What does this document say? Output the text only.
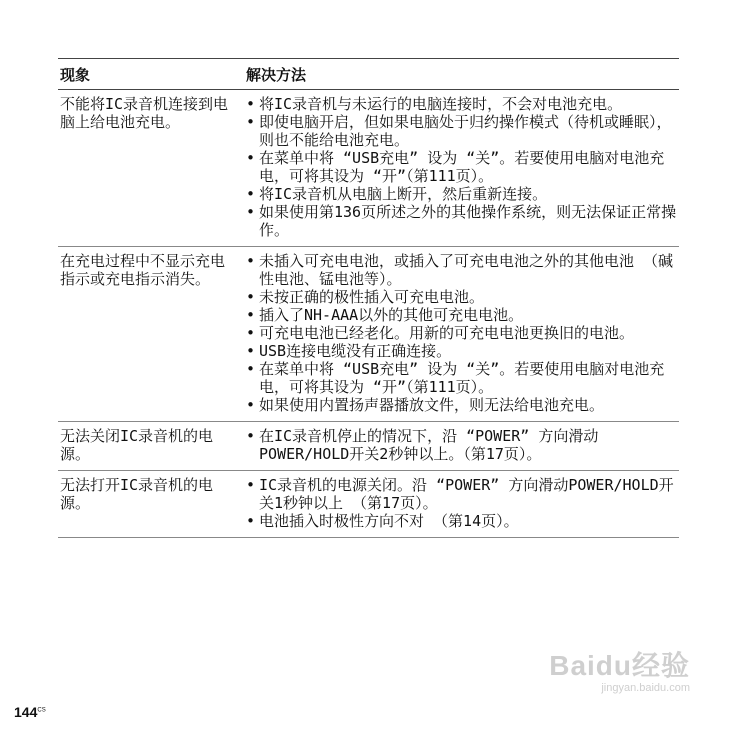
现象	解决方法
不能将IC录音机连接到电脑上给电池充电。
• 将IC录音机与未运行的电脑连接时，不会对电池充电。
• 即使电脑开启，但如果电脑处于归约操作模式（待机或睡眠），则也不能给电池充电。
• 在菜单中将 “USB充电” 设为 “关”。若要使用电脑对电池充电，可将其设为 “开”（第111页）。
• 将IC录音机从电脑上断开，然后重新连接。
• 如果使用第136页所述之外的其他操作系统，则无法保证正常操作。
在充电过程中不显示充电指示或充电指示消失。
• 未插入可充电电池，或插入了可充电电池之外的其他电池 （碱性电池、锰电池等）。
• 未按正确的极性插入可充电电池。
• 插入了NH-AAA以外的其他可充电电池。
• 可充电电池已经老化。用新的可充电电池更换旧的电池。
• USB连接电缆没有正确连接。
• 在菜单中将 “USB充电” 设为 “关”。若要使用电脑对电池充电，可将其设为 “开”（第111页）。
• 如果使用内置扬声器播放文件，则无法给电池充电。
无法关闭IC录音机的电源。
• 在IC录音机停止的情况下，沿 “POWER” 方向滑动POWER/HOLD开关2秒钟以上。（第17页）。
无法打开IC录音机的电源。
• IC录音机的电源关闭。沿 “POWER” 方向滑动POWER/HOLD开关1秒钟以上 （第17页）。
• 电池插入时极性方向不对 （第14页）。
Baidu经验
jingyan.baidu.com
$144^{CS}$
